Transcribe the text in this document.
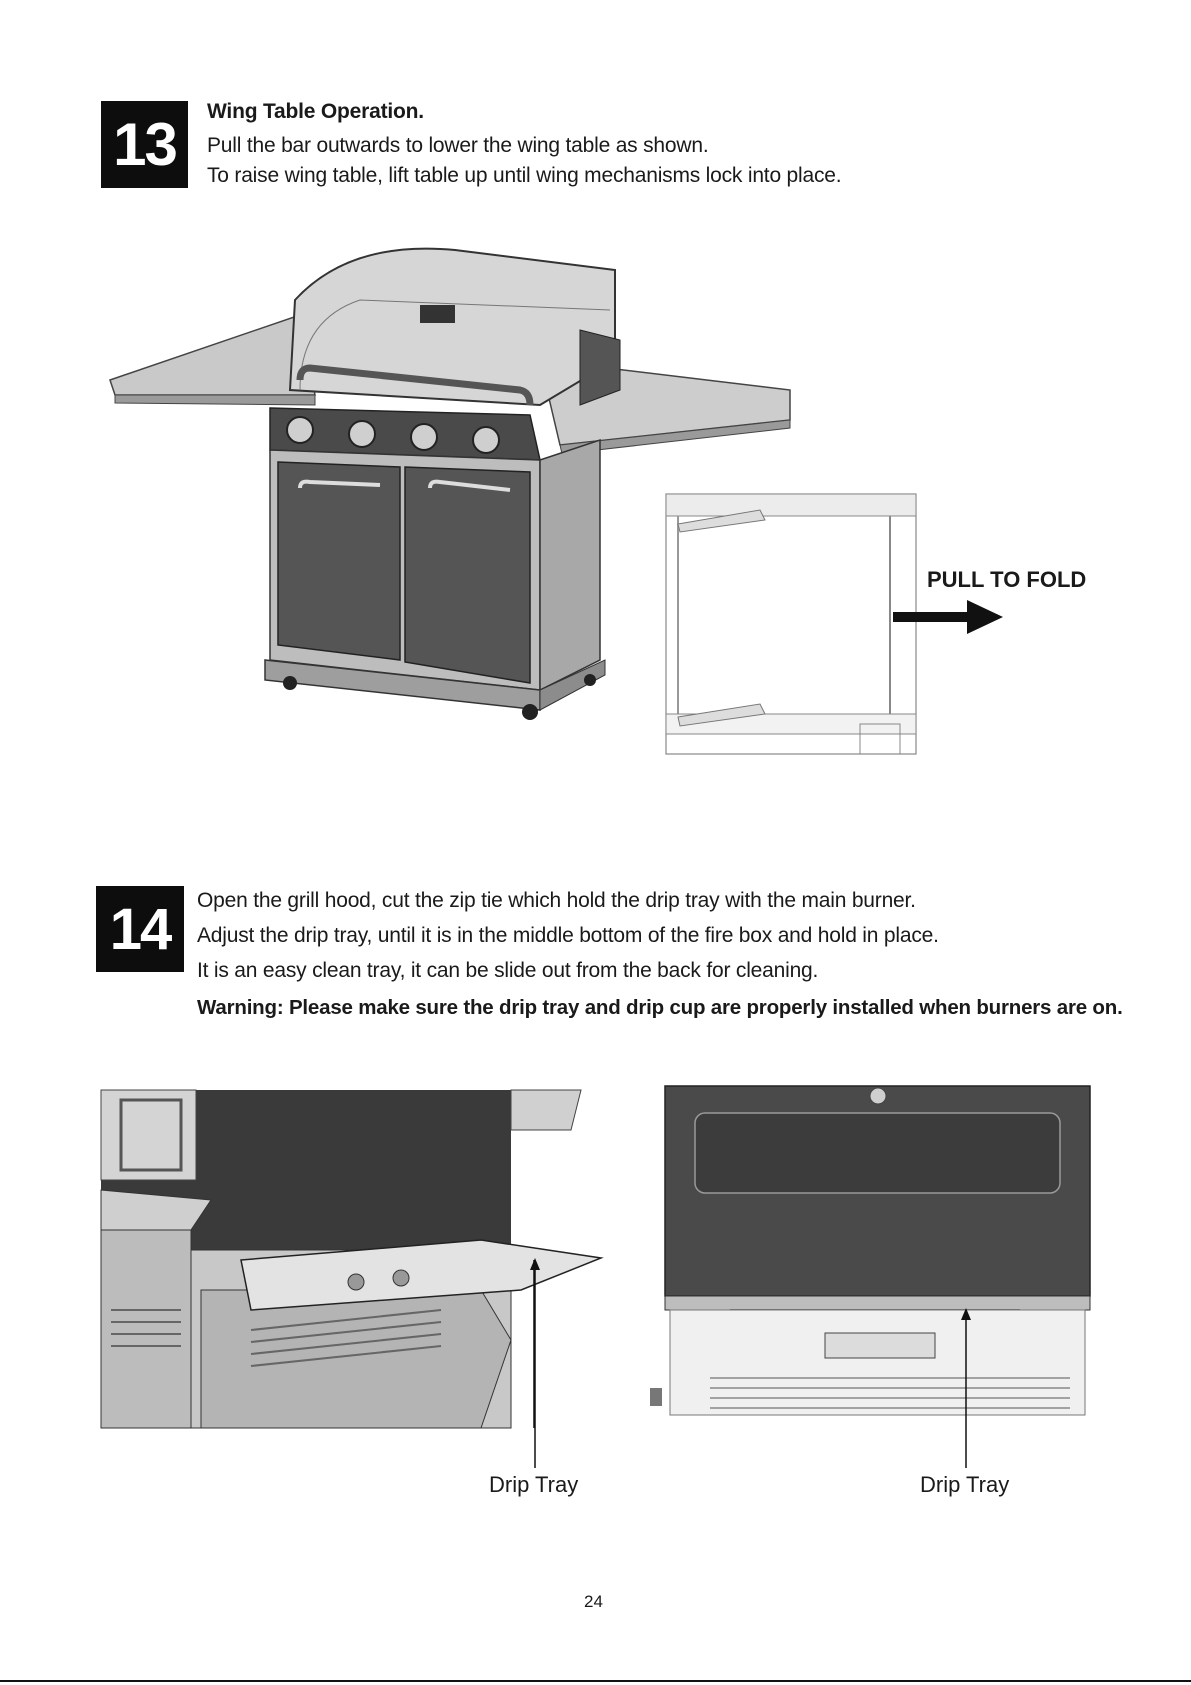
13 Wing Table Operation.
Pull the bar outwards to lower the wing table as shown.
To raise wing table, lift table up until wing mechanisms lock into place.
PULL TO FOLD
14 Open the grill hood, cut the zip tie which hold the drip tray with the main burner.
Adjust the drip tray, until it is in the middle bottom of the fire box and hold in place.
It is an easy clean tray, it can be slide out from the back for cleaning.
Warning: Please make sure the drip tray and drip cup are properly installed when burners are on.
Drip Tray	Drip Tray
24
